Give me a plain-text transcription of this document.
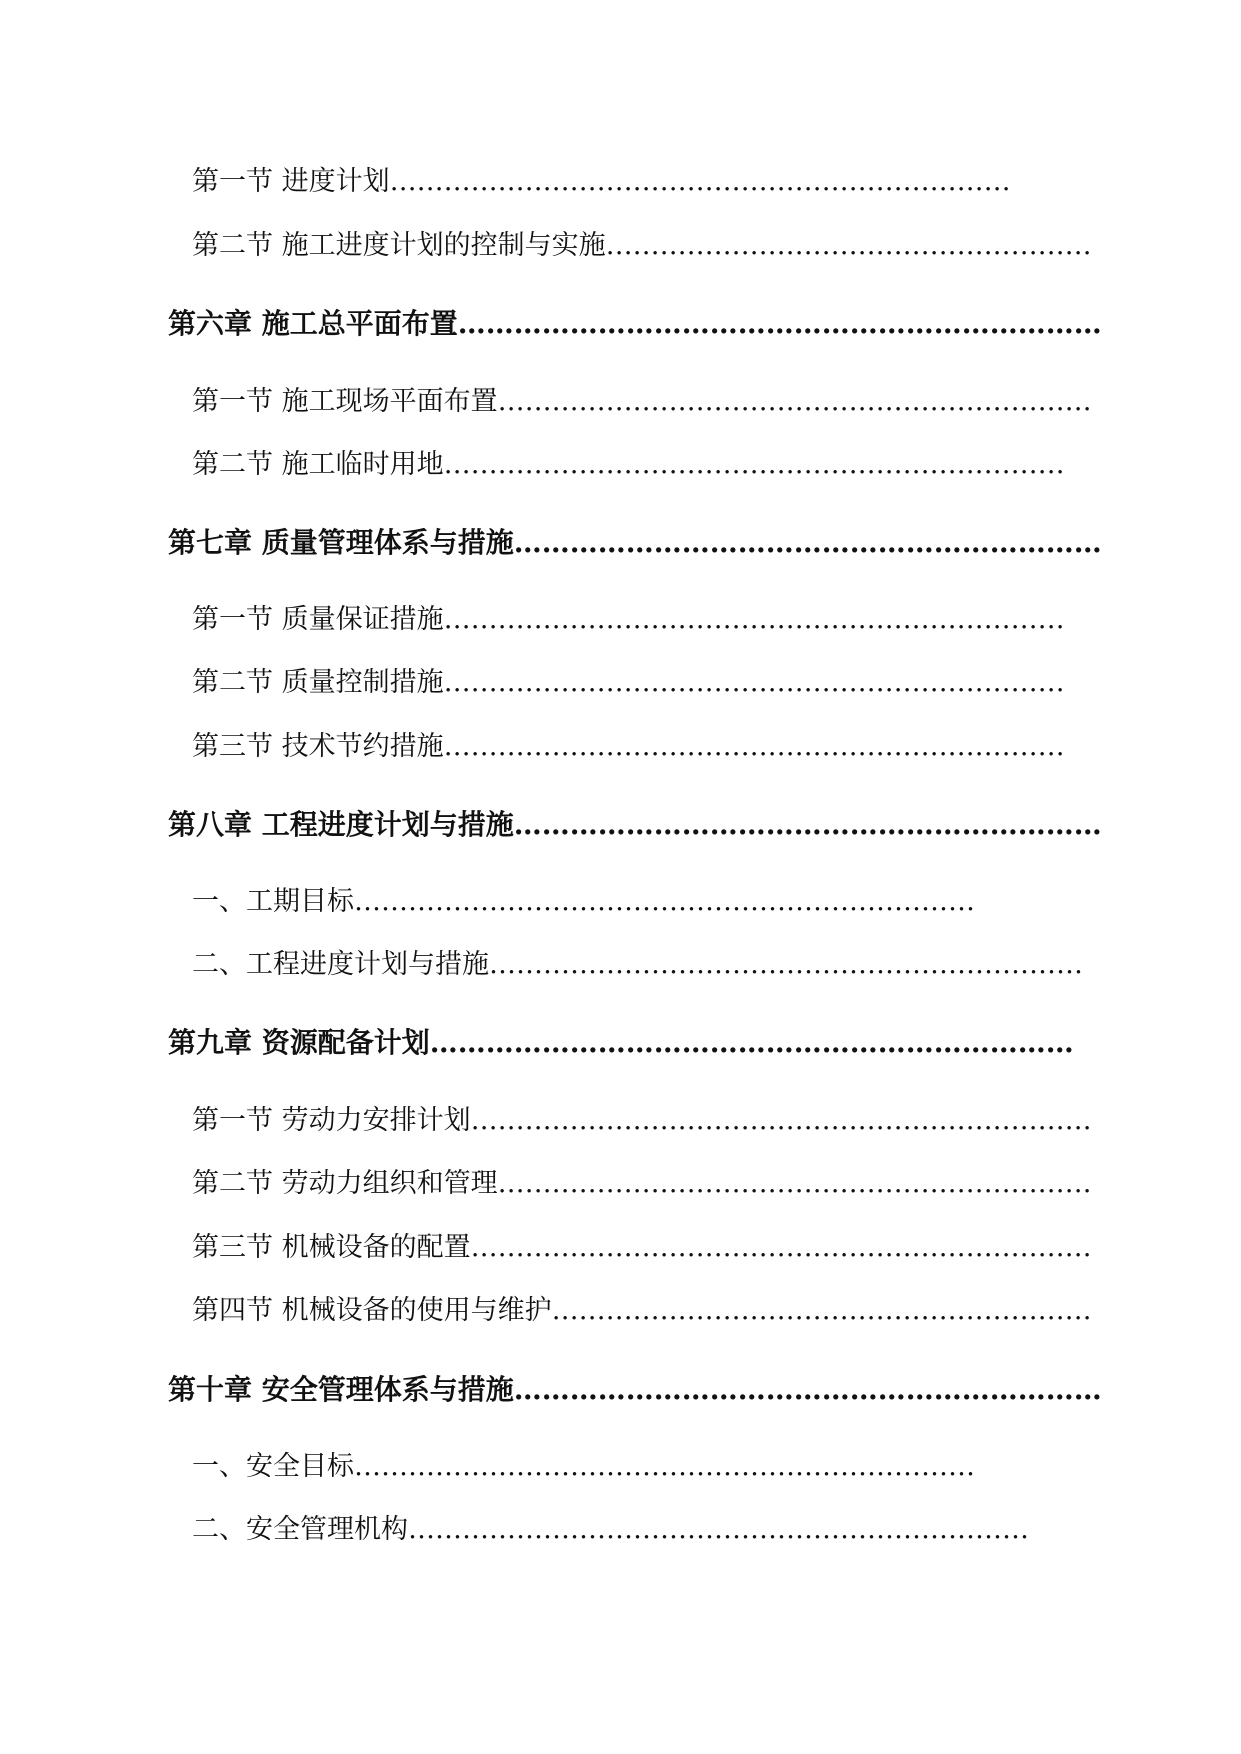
第一节 进度计划……………………………………………………………
第二节 施工进度计划的控制与实施………………………………………………
第六章 施工总平面布置……………………………………………………………
第一节 施工现场平面布置…………………………………………………………
第二节 施工临时用地……………………………………………………………
第七章 质量管理体系与措施………………………………………………………
第一节 质量保证措施……………………………………………………………
第二节 质量控制措施……………………………………………………………
第三节 技术节约措施……………………………………………………………
第八章 工程进度计划与措施………………………………………………………
一、工期目标……………………………………………………………
二、工程进度计划与措施…………………………………………………………
第九章 资源配备计划……………………………………………………………
第一节 劳动力安排计划……………………………………………………………
第二节 劳动力组织和管理…………………………………………………………
第三节 机械设备的配置……………………………………………………………
第四节 机械设备的使用与维护……………………………………………………
第十章 安全管理体系与措施………………………………………………………
一、安全目标……………………………………………………………
二、安全管理机构……………………………………………………………
